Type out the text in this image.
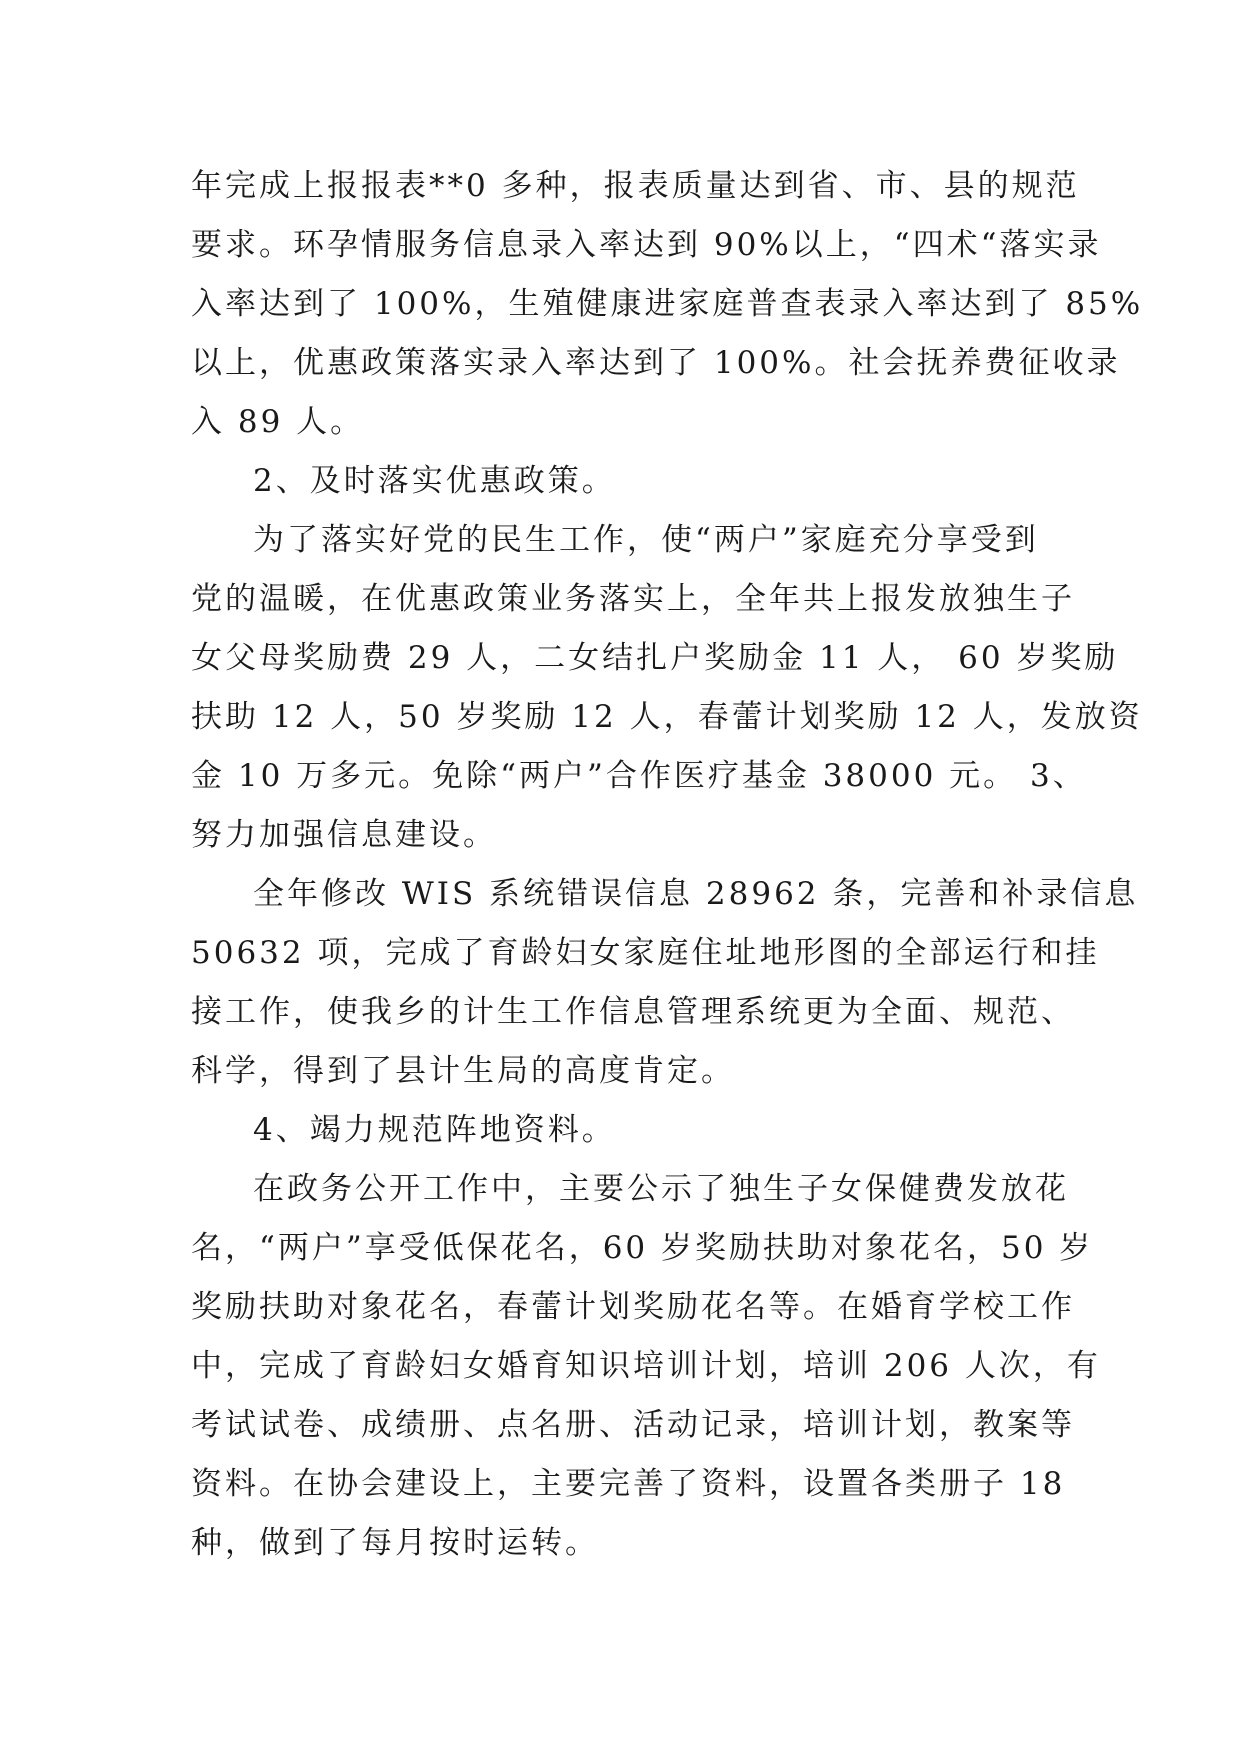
年完成上报报表**0 多种，报表质量达到省、市、县的规范
要求。环孕情服务信息录入率达到 90%以上，“四术“落实录
入率达到了 100%，生殖健康进家庭普查表录入率达到了 85%
以上，优惠政策落实录入率达到了 100%。社会抚养费征收录
入 89 人。
2、及时落实优惠政策。
为了落实好党的民生工作，使“两户”家庭充分享受到
党的温暖，在优惠政策业务落实上，全年共上报发放独生子
女父母奖励费 29 人，二女结扎户奖励金 11 人， 60 岁奖励
扶助 12 人，50 岁奖励 12 人，春蕾计划奖励 12 人，发放资
金 10 万多元。免除“两户”合作医疗基金 38000 元。 3、
努力加强信息建设。
全年修改 WIS 系统错误信息 28962 条，完善和补录信息
50632 项，完成了育龄妇女家庭住址地形图的全部运行和挂
接工作，使我乡的计生工作信息管理系统更为全面、规范、
科学，得到了县计生局的高度肯定。
4、竭力规范阵地资料。
在政务公开工作中，主要公示了独生子女保健费发放花
名，“两户”享受低保花名，60 岁奖励扶助对象花名，50 岁
奖励扶助对象花名，春蕾计划奖励花名等。在婚育学校工作
中，完成了育龄妇女婚育知识培训计划，培训 206 人次，有
考试试卷、成绩册、点名册、活动记录，培训计划，教案等
资料。在协会建设上，主要完善了资料，设置各类册子 18
种，做到了每月按时运转。
